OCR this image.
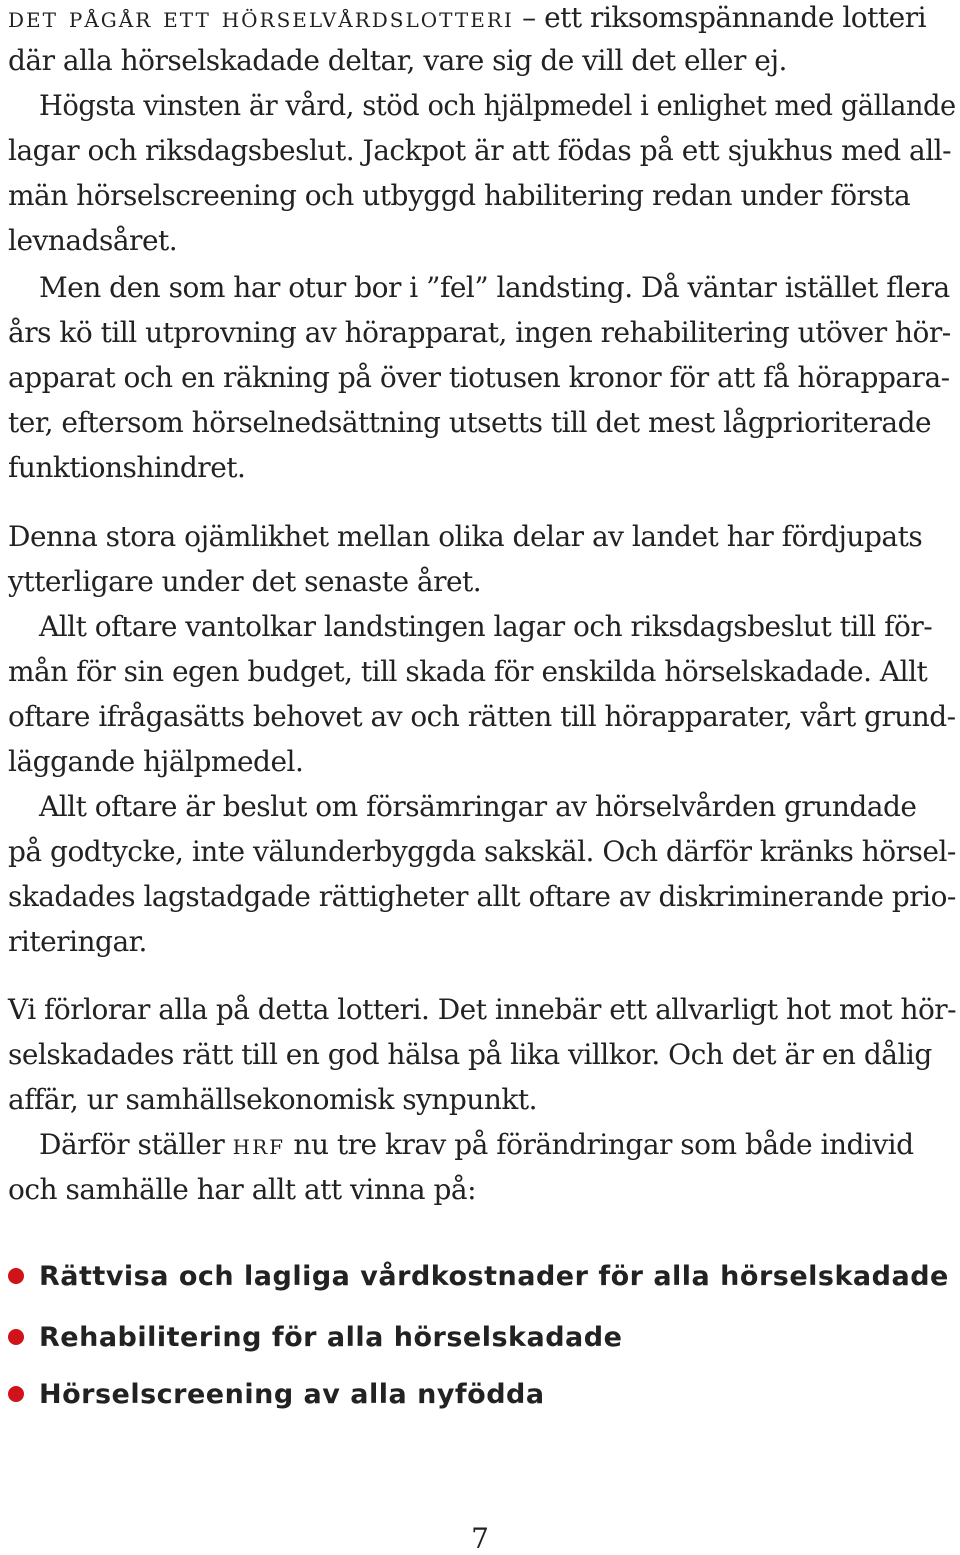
det pågår ett hörselvårdslotteri – ett riksomspännande lotteri
där alla hörselskadade deltar, vare sig de vill det eller ej.
Högsta vinsten är vård, stöd och hjälpmedel i enlighet med gällande
lagar och riksdagsbeslut. Jackpot är att födas på ett sjukhus med all-
män hörselscreening och utbyggd habilitering redan under första
levnadsåret.
Men den som har otur bor i ”fel” landsting. Då väntar istället flera
års kö till utprovning av hörapparat, ingen rehabilitering utöver hör-
apparat och en räkning på över tiotusen kronor för att få hörappara-
ter, eftersom hörselnedsättning utsetts till det mest lågprioriterade
funktionshindret.
Denna stora ojämlikhet mellan olika delar av landet har fördjupats
ytterligare under det senaste året.
Allt oftare vantolkar landstingen lagar och riksdagsbeslut till för-
mån för sin egen budget, till skada för enskilda hörselskadade. Allt
oftare ifrågasätts behovet av och rätten till hörapparater, vårt grund-
läggande hjälpmedel.
Allt oftare är beslut om försämringar av hörselvården grundade
på godtycke, inte välunderbyggda sakskäl. Och därför kränks hörsel-
skadades lagstadgade rättigheter allt oftare av diskriminerande prio-
riteringar.
Vi förlorar alla på detta lotteri. Det innebär ett allvarligt hot mot hör-
selskadades rätt till en god hälsa på lika villkor. Och det är en dålig
affär, ur samhällsekonomisk synpunkt.
Därför ställer hrf nu tre krav på förändringar som både individ
och samhälle har allt att vinna på:
Rättvisa och lagliga vårdkostnader för alla hörselskadade
Rehabilitering för alla hörselskadade
Hörselscreening av alla nyfödda
7
